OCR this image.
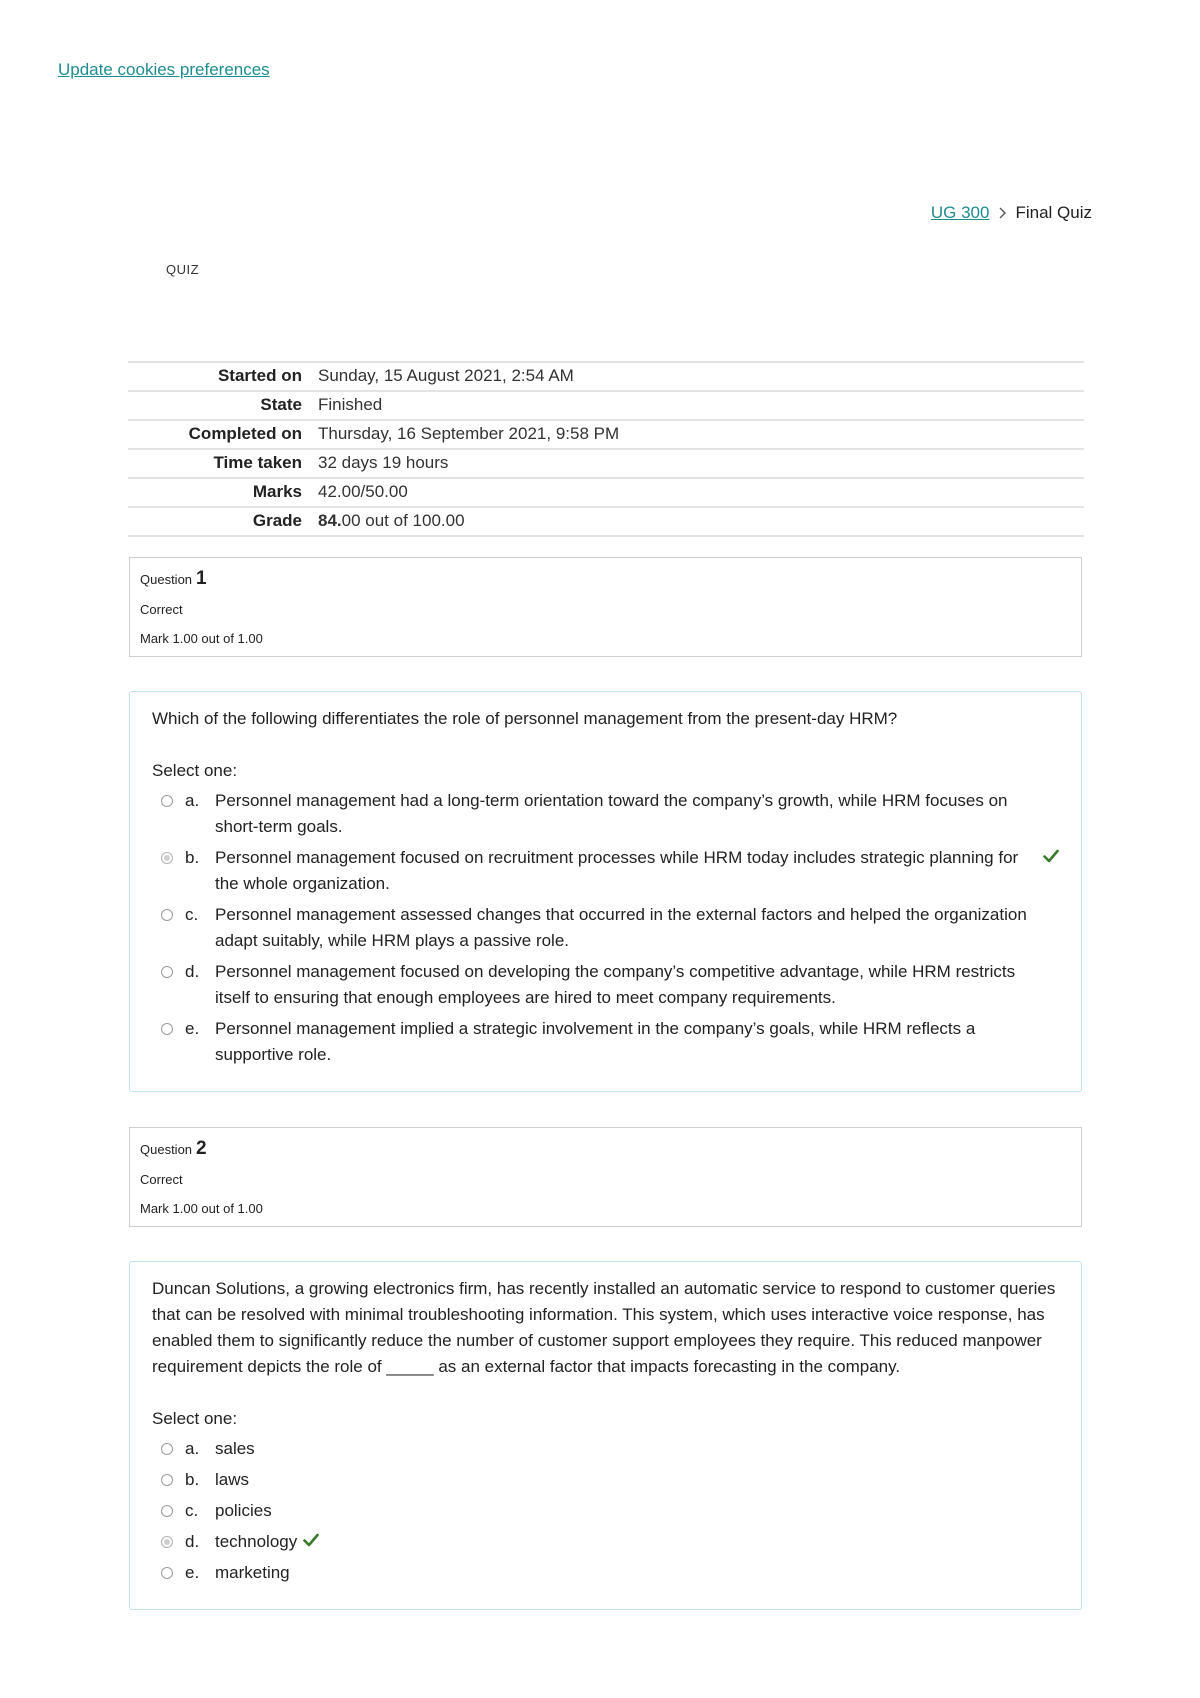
Update cookies preferences
UG 300 Final Quiz
QUIZ
Started on	Sunday, 15 August 2021, 2:54 AM
State	Finished
Completed on	Thursday, 16 September 2021, 9:58 PM
Time taken	32 days 19 hours
Marks	42.00/50.00
Grade	84.00 out of 100.00
Question 1
Correct
Mark 1.00 out of 1.00

Which of the following differentiates the role of personnel management from the present-day HRM?

Select one:

a. Personnel management had a long-term orientation toward the company’s growth, while HRM focuses on short-term goals.
b. Personnel management focused on recruitment processes while HRM today includes strategic planning for the whole organization.
c. Personnel management assessed changes that occurred in the external factors and helped the organization adapt suitably, while HRM plays a passive role.
d. Personnel management focused on developing the company’s competitive advantage, while HRM restricts itself to ensuring that enough employees are hired to meet company requirements.
e. Personnel management implied a strategic involvement in the company’s goals, while HRM reflects a supportive role.
Question 2
Correct
Mark 1.00 out of 1.00

Duncan Solutions, a growing electronics firm, has recently installed an automatic service to respond to customer queries that can be resolved with minimal troubleshooting information. This system, which uses interactive voice response, has enabled them to significantly reduce the number of customer support employees they require. This reduced manpower requirement depicts the role of _____ as an external factor that impacts forecasting in the company.

Select one:

a. sales
b. laws
c. policies
d. technology
e. marketing
